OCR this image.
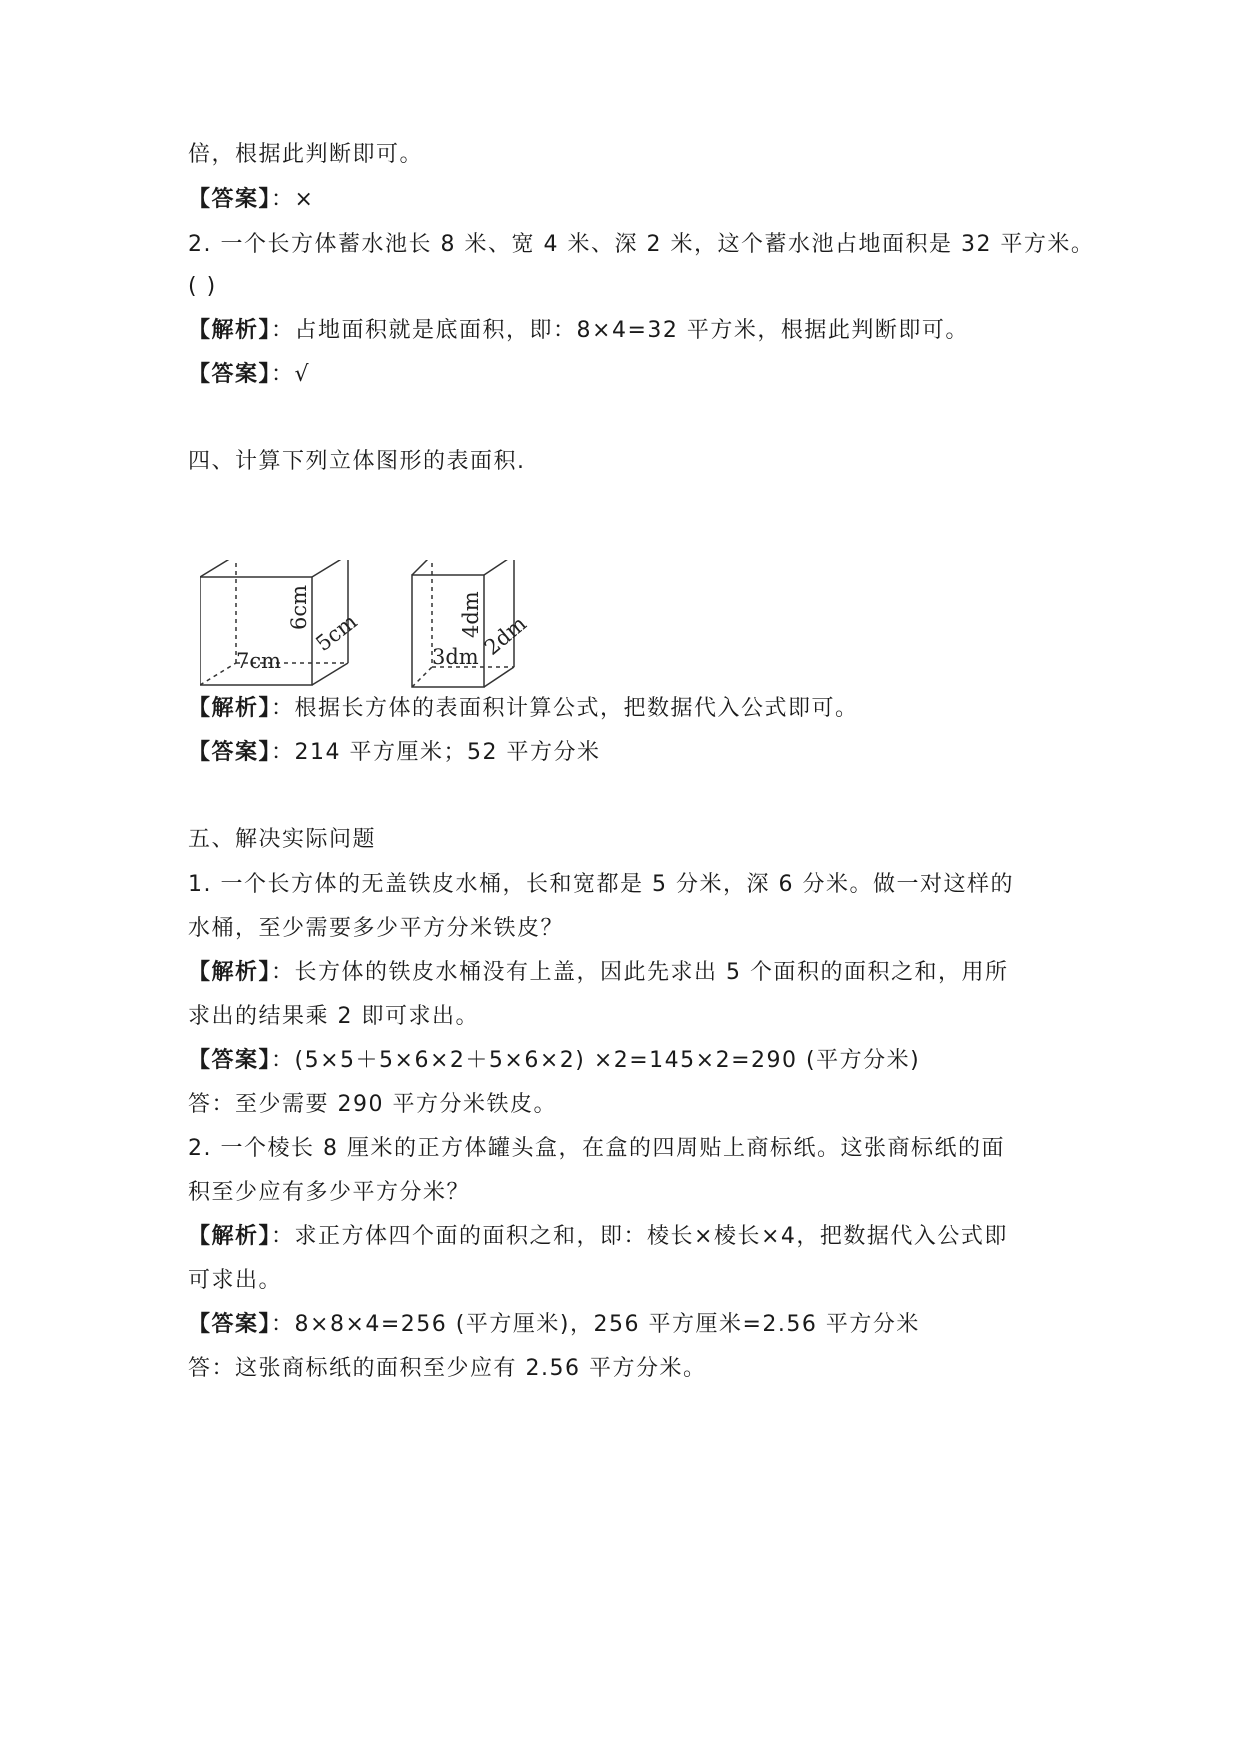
倍，根据此判断即可。
【答案】：×
2. 一个长方体蓄水池长 8 米、宽 4 米、深 2 米，这个蓄水池占地面积是 32 平方米。
( )
【解析】：占地面积就是底面积，即：8×4=32 平方米，根据此判断即可。
【答案】：√
四、计算下列立体图形的表面积.
7cm
5cm
6cm
3dm 2dm
4dm
【解析】：根据长方体的表面积计算公式，把数据代入公式即可。
【答案】：214 平方厘米；52 平方分米
五、解决实际问题
1. 一个长方体的无盖铁皮水桶，长和宽都是 5 分米，深 6 分米。做一对这样的
水桶，至少需要多少平方分米铁皮？
【解析】：长方体的铁皮水桶没有上盖，因此先求出 5 个面积的面积之和，用所
求出的结果乘 2 即可求出。
【答案】：(5×5＋5×6×2＋5×6×2) ×2=145×2=290 (平方分米)
答：至少需要 290 平方分米铁皮。
2. 一个棱长 8 厘米的正方体罐头盒，在盒的四周贴上商标纸。这张商标纸的面
积至少应有多少平方分米？
【解析】：求正方体四个面的面积之和，即：棱长×棱长×4，把数据代入公式即
可求出。
【答案】：8×8×4=256 (平方厘米)，256 平方厘米=2.56 平方分米
答：这张商标纸的面积至少应有 2.56 平方分米。
